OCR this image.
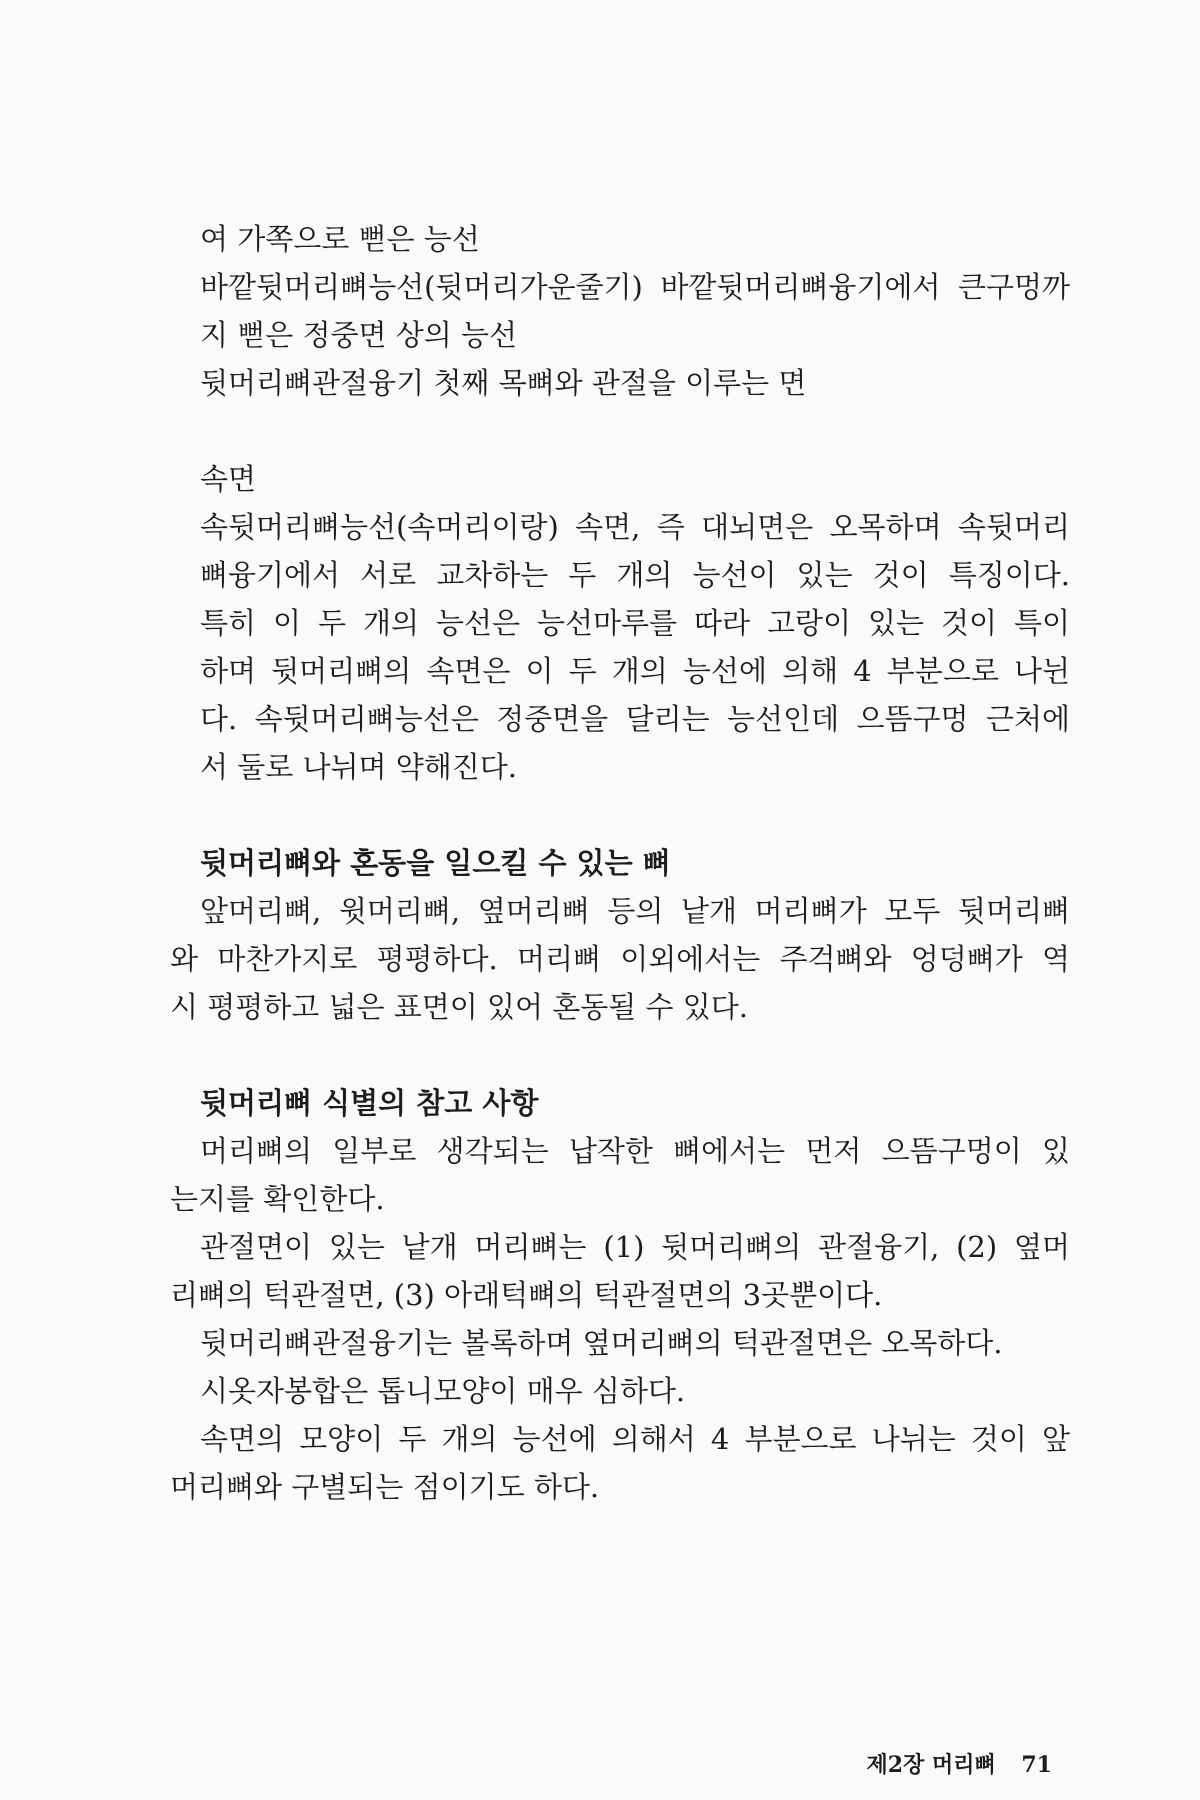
여 가쪽으로 뻗은 능선
바깥뒷머리뼈능선(뒷머리가운줄기) 바깥뒷머리뼈융기에서 큰구멍까
지 뻗은 정중면 상의 능선
뒷머리뼈관절융기 첫째 목뼈와 관절을 이루는 면
속면
속뒷머리뼈능선(속머리이랑) 속면, 즉 대뇌면은 오목하며 속뒷머리
뼈융기에서 서로 교차하는 두 개의 능선이 있는 것이 특징이다.
특히 이 두 개의 능선은 능선마루를 따라 고랑이 있는 것이 특이
하며 뒷머리뼈의 속면은 이 두 개의 능선에 의해 4 부분으로 나뉜
다. 속뒷머리뼈능선은 정중면을 달리는 능선인데 으뜸구멍 근처에
서 둘로 나뉘며 약해진다.
뒷머리뼈와 혼동을 일으킬 수 있는 뼈
앞머리뼈, 윗머리뼈, 옆머리뼈 등의 낱개 머리뼈가 모두 뒷머리뼈
와 마찬가지로 평평하다. 머리뼈 이외에서는 주걱뼈와 엉덩뼈가 역
시 평평하고 넓은 표면이 있어 혼동될 수 있다.
뒷머리뼈 식별의 참고 사항
머리뼈의 일부로 생각되는 납작한 뼈에서는 먼저 으뜸구멍이 있
는지를 확인한다.
관절면이 있는 낱개 머리뼈는 (1) 뒷머리뼈의 관절융기, (2) 옆머
리뼈의 턱관절면, (3) 아래턱뼈의 턱관절면의 3곳뿐이다.
뒷머리뼈관절융기는 볼록하며 옆머리뼈의 턱관절면은 오목하다.
시옷자봉합은 톱니모양이 매우 심하다.
속면의 모양이 두 개의 능선에 의해서 4 부분으로 나뉘는 것이 앞
머리뼈와 구별되는 점이기도 하다.
제2장 머리뼈 71
